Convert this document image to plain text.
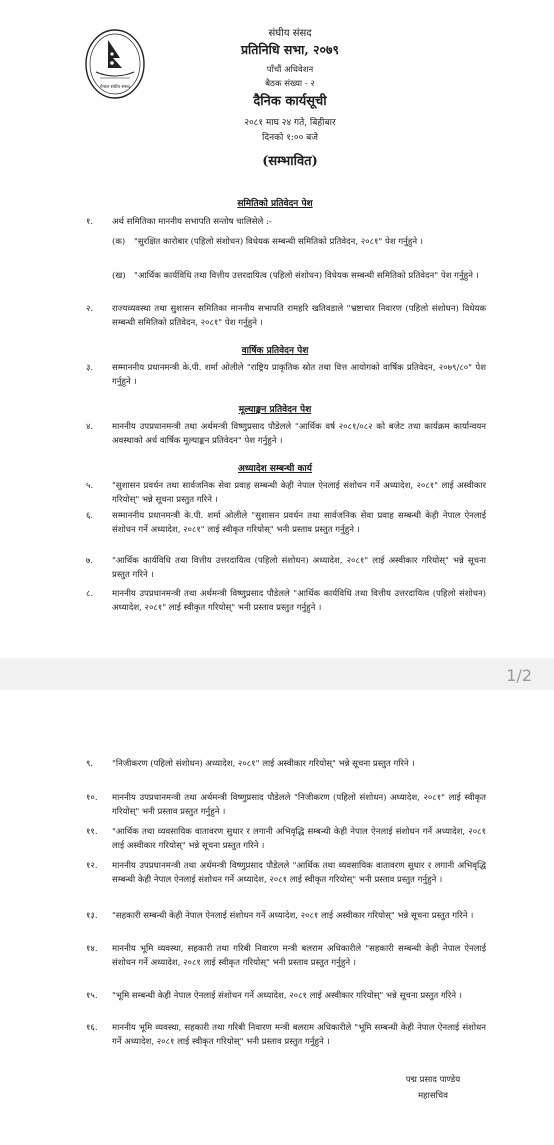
नेपाल संघीय संसद
संघीय संसद
प्रतिनिधि सभा, २०७९
पाँचौं अधिवेशन
बैठक संख्या - २
दैनिक कार्यसूची
२०८१ माघ २४ गते, बिहीबार
दिनको १:०० बजे
(सम्भावित)
समितिको प्रतिवेदन पेश
१. अर्थ समितिका माननीय सभापति सन्तोष चालिसेले :-
(क) "सुरक्षित कारोबार (पहिलो संशोधन) विधेयक सम्बन्धी समितिको प्रतिवेदन, २०८१" पेश गर्नुहुने ।
(ख) "आर्थिक कार्यविधि तथा वित्तीय उत्तरदायित्व (पहिलो संशोधन) विधेयक सम्बन्धी समितिको प्रतिवेदन" पेश गर्नुहुने ।
२. राज्यव्यवस्था तथा सुशासन समितिका माननीय सभापति रामहरि खतिवडाले "भ्रष्टाचार निवारण (पहिलो संशोधन) विधेयक सम्बन्धी समितिको प्रतिवेदन, २०८१" पेश गर्नुहुने ।
वार्षिक प्रतिवेदन पेश
३. सम्माननीय प्रधानमन्त्री के.पी. शर्मा ओलीले "राष्ट्रिय प्राकृतिक स्रोत तथा वित्त आयोगको वार्षिक प्रतिवेदन, २०७९/८०" पेश गर्नुहुने ।
मूल्याङ्कन प्रतिवेदन पेश
४. माननीय उपप्रधानमन्त्री तथा अर्थमन्त्री विष्णुप्रसाद पौडेलले "आर्थिक वर्ष २०८१/०८२ को बजेट तथा कार्यक्रम कार्यान्वयन अवस्थाको अर्ध वार्षिक मूल्याङ्कन प्रतिवेदन" पेश गर्नुहुने ।
अध्यादेश सम्बन्धी कार्य
५. "सुशासन प्रवर्धन तथा सार्वजनिक सेवा प्रवाह सम्बन्धी केही नेपाल ऐनलाई संशोधन गर्ने अध्यादेश, २०८१" लाई अस्वीकार गरियोस्" भन्ने सूचना प्रस्तुत गरिने ।
६. सम्माननीय प्रधानमन्त्री के.पी. शर्मा ओलीले "सुशासन प्रवर्धन तथा सार्वजनिक सेवा प्रवाह सम्बन्धी केही नेपाल ऐनलाई संशोधन गर्ने अध्यादेश, २०८१" लाई स्वीकृत गरियोस्" भनी प्रस्ताव प्रस्तुत गर्नुहुने ।
७. "आर्थिक कार्यविधि तथा वित्तीय उत्तरदायित्व (पहिलो संशोधन) अध्यादेश, २०८१" लाई अस्वीकार गरियोस्" भन्ने सूचना प्रस्तुत गरिने ।
८. माननीय उपप्रधानमन्त्री तथा अर्थमन्त्री विष्णुप्रसाद पौडेलले "आर्थिक कार्यविधि तथा वित्तीय उत्तरदायित्व (पहिलो संशोधन) अध्यादेश, २०८१" लाई स्वीकृत गरियोस्" भनी प्रस्ताव प्रस्तुत गर्नुहुने ।
1/2
९. "निजीकरण (पहिलो संशोधन) अध्यादेश, २०८१" लाई अस्वीकार गरियोस्" भन्ने सूचना प्रस्तुत गरिने ।
१०. माननीय उपप्रधानमन्त्री तथा अर्थमन्त्री विष्णुप्रसाद पौडेलले "निजीकरण (पहिलो संशोधन) अध्यादेश, २०८१" लाई स्वीकृत गरियोस्" भनी प्रस्ताव प्रस्तुत गर्नुहुने ।
११. "आर्थिक तथा व्यवसायिक वातावरण सुधार र लगानी अभिवृद्धि सम्बन्धी केही नेपाल ऐनलाई संशोधन गर्ने अध्यादेश, २०८१ लाई अस्वीकार गरियोस्" भन्ने सूचना प्रस्तुत गरिने ।
१२. माननीय उपप्रधानमन्त्री तथा अर्थमन्त्री विष्णुप्रसाद पौडेलले "आर्थिक तथा व्यवसायिक वातावरण सुधार र लगानी अभिवृद्धि सम्बन्धी केही नेपाल ऐनलाई संशोधन गर्ने अध्यादेश, २०८१ लाई स्वीकृत गरियोस्" भनी प्रस्ताव प्रस्तुत गर्नुहुने ।
१३. "सहकारी सम्बन्धी केही नेपाल ऐनलाई संशोधन गर्ने अध्यादेश, २०८१ लाई अस्वीकार गरियोस्" भन्ने सूचना प्रस्तुत गरिने ।
१४. माननीय भूमि व्यवस्था, सहकारी तथा गरिबी निवारण मन्त्री बलराम अधिकारीले "सहकारी सम्बन्धी केही नेपाल ऐनलाई संशोधन गर्ने अध्यादेश, २०८१ लाई स्वीकृत गरियोस्" भनी प्रस्ताव प्रस्तुत गर्नुहुने ।
१५. "भूमि सम्बन्धी केही नेपाल ऐनलाई संशोधन गर्ने अध्यादेश, २०८१ लाई अस्वीकार गरियोस्" भन्ने सूचना प्रस्तुत गरिने ।
१६. माननीय भूमि व्यवस्था, सहकारी तथा गरिबी निवारण मन्त्री बलराम अधिकारीले "भूमि सम्बन्धी केही नेपाल ऐनलाई संशोधन गर्ने अध्यादेश, २०८१ लाई स्वीकृत गरियोस्" भनी प्रस्ताव प्रस्तुत गर्नुहुने ।
पद्म प्रसाद पाण्डेय
महासचिव
